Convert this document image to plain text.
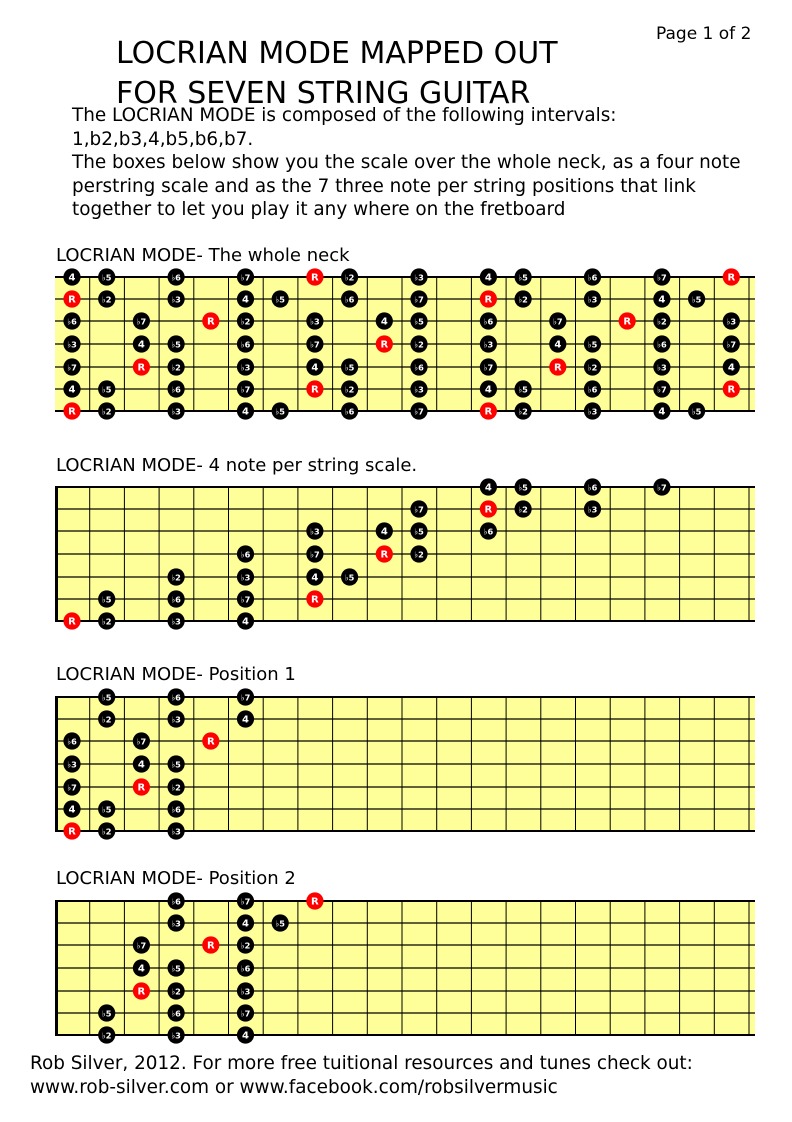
Page 1 of 2
LOCRIAN MODE MAPPED OUT
FOR SEVEN STRING GUITAR

The LOCRIAN MODE is composed of the following intervals:

1,b2,b3,4,b5,b6,b7.

The boxes below show you the scale over the whole neck, as a four note perstring scale and as the 7 three note per string positions that link together to let you play it any where on the fretboard

LOCRIAN MODE- The whole neck
4	♭5	♭6	♭7	R	♭2	♭3	4	♭5	♭6	♭7	R
R	♭2	♭3	4	♭5	♭6	♭7	R	♭2	♭3	4	♭5
♭6	♭7	R	♭2	♭3	4	♭5	♭6	♭7	R	♭2	♭3
♭3	4	♭5	♭6	♭7	R	♭2	♭3	4	♭5	♭6	♭7
♭7	R	♭2	♭3	4	♭5	♭6	♭7	R	♭2	♭3	4
4	♭5	♭6	♭7	R	♭2	♭3	4	♭5	♭6	♭7	R
R	♭2	♭3	4	♭5	♭6	♭7	R	♭2	♭3	4	♭5
LOCRIAN MODE- 4 note per string scale.
4	♭5	♭6	♭7
♭7	R	♭2	♭3
♭3	4	♭5	♭6
♭6	♭7	R	♭2
♭2	♭3	4	♭5
♭5	♭6	♭7	R
R	♭2	♭3	4
LOCRIAN MODE- Position 1
♭5	♭6	♭7
♭2	♭3	4
♭6	♭7	R
♭3	4	♭5
♭7	R	♭2
4	♭5	♭6
R	♭2	♭3
LOCRIAN MODE- Position 2
♭6	♭7	R
♭3	4	♭5
♭7	R	♭2
4	♭5	♭6
R	♭2	♭3
♭5	♭6	♭7
♭2	♭3	4

Rob Silver, 2012. For more free tuitional resources and tunes check out:

www.rob-silver.com or www.facebook.com/robsilvermusic
